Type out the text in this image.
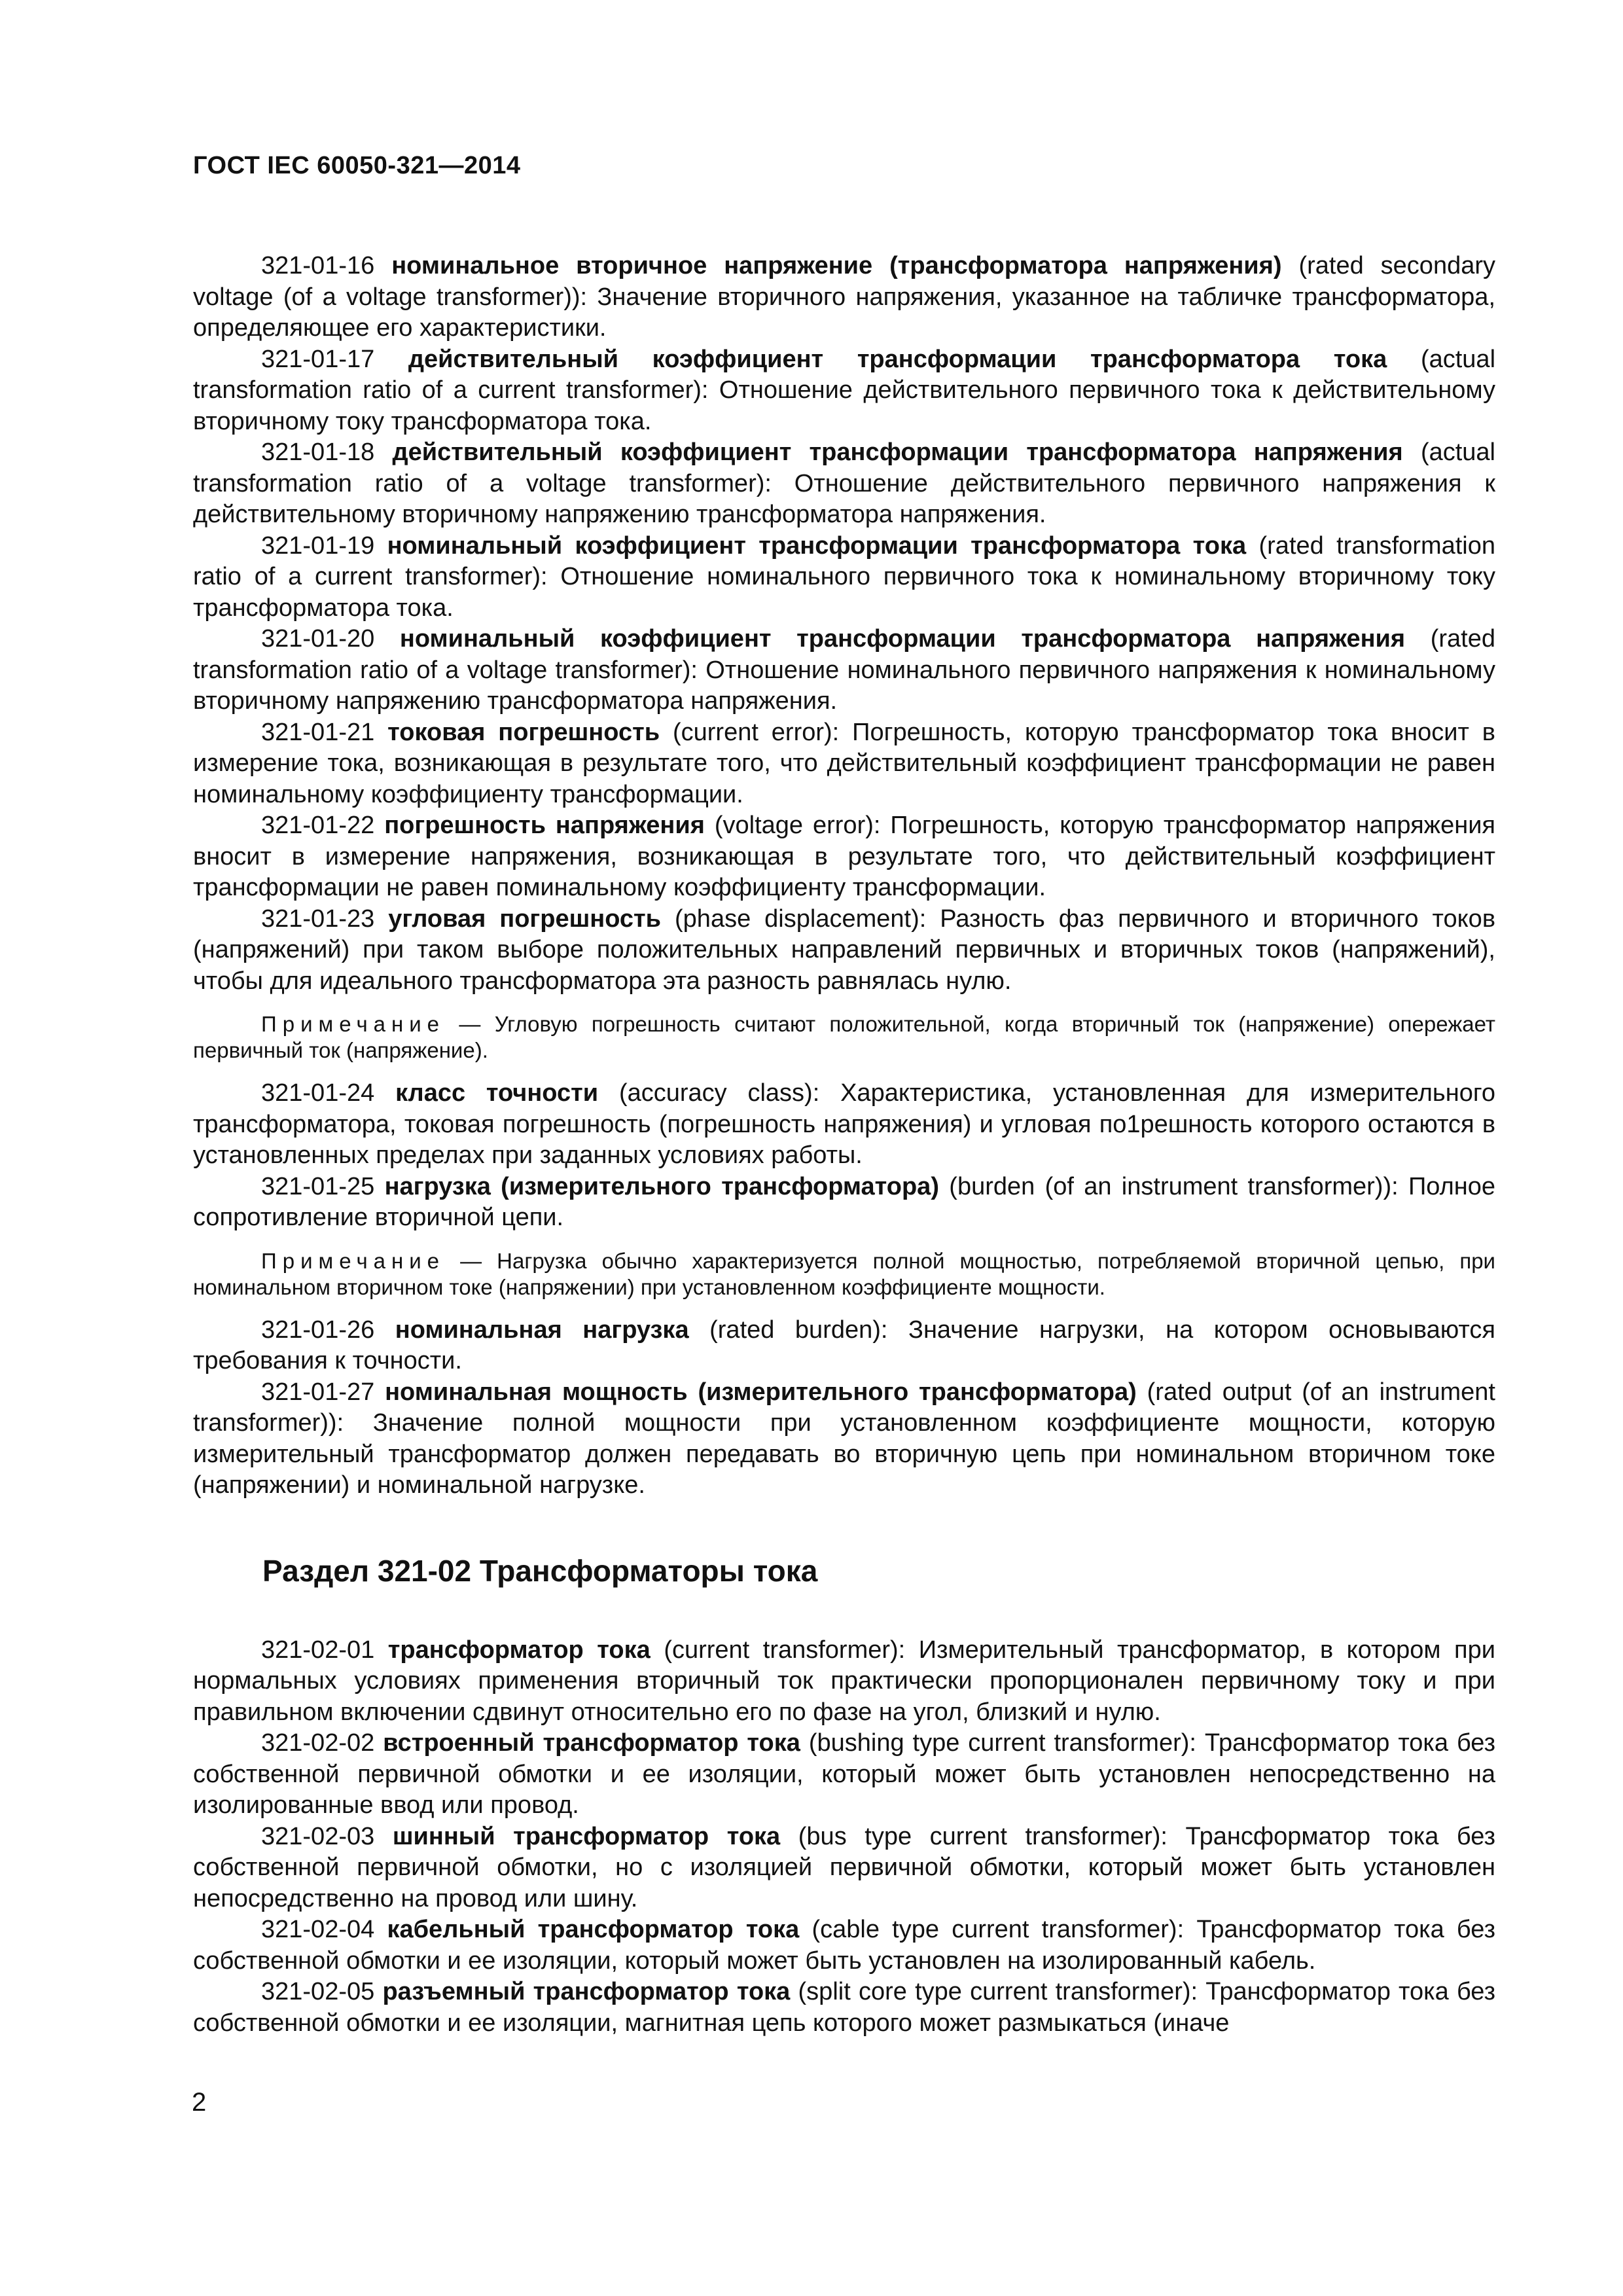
ГОСТ IEC 60050-321—2014

321-01-16 номинальное вторичное напряжение (трансформатора напряжения) (rated secondary voltage (of a voltage transformer)): Значение вторичного напряжения, указанное на табличке трансформатора, определяющее его характеристики.

321-01-17 действительный коэффициент трансформации трансформатора тока (actual transformation ratio of a current transformer): Отношение действительного первичного тока к действительному вторичному току трансформатора тока.

321-01-18 действительный коэффициент трансформации трансформатора напряжения (actual transformation ratio of a voltage transformer): Отношение действительного первичного напряжения к действительному вторичному напряжению трансформатора напряжения.

321-01-19 номинальный коэффициент трансформации трансформатора тока (rated transformation ratio of a current transformer): Отношение номинального первичного тока к номинальному вторичному току трансформатора тока.

321-01-20 номинальный коэффициент трансформации трансформатора напряжения (rated transformation ratio of a voltage transformer): Отношение номинального первичного напряжения к номинальному вторичному напряжению трансформатора напряжения.

321-01-21 токовая погрешность (current error): Погрешность, которую трансформатор тока вносит в измерение тока, возникающая в результате того, что действительный коэффициент трансформации не равен номинальному коэффициенту трансформации.

321-01-22 погрешность напряжения (voltage error): Погрешность, которую трансформатор напряжения вносит в измерение напряжения, возникающая в результате того, что действительный коэффициент трансформации не равен поминальному коэффициенту трансформации.

321-01-23 угловая погрешность (phase displacement): Разность фаз первичного и вторичного токов (напряжений) при таком выборе положительных направлений первичных и вторичных токов (напряжений), чтобы для идеального трансформатора эта разность равнялась нулю.

Примечание — Угловую погрешность считают положительной, когда вторичный ток (напряжение) опережает первичный ток (напряжение).

321-01-24 класс точности (accuracy class): Характеристика, установленная для измерительного трансформатора, токовая погрешность (погрешность напряжения) и угловая по1решность которого остаются в установленных пределах при заданных условиях работы.

321-01-25 нагрузка (измерительного трансформатора) (burden (of an instrument transformer)): Полное сопротивление вторичной цепи.

Примечание — Нагрузка обычно характеризуется полной мощностью, потребляемой вторичной цепью, при номинальном вторичном токе (напряжении) при установленном коэффициенте мощности.

321-01-26 номинальная нагрузка (rated burden): Значение нагрузки, на котором основываются требования к точности.

321-01-27 номинальная мощность (измерительного трансформатора) (rated output (of an instrument transformer)): Значение полной мощности при установленном коэффициенте мощности, которую измерительный трансформатор должен передавать во вторичную цепь при номинальном вторичном токе (напряжении) и номинальной нагрузке.

Раздел 321-02 Трансформаторы тока

321-02-01 трансформатор тока (current transformer): Измерительный трансформатор, в котором при нормальных условиях применения вторичный ток практически пропорционален первичному току и при правильном включении сдвинут относительно его по фазе на угол, близкий и нулю.

321-02-02 встроенный трансформатор тока (bushing type current transformer): Трансформатор тока без собственной первичной обмотки и ее изоляции, который может быть установлен непосредственно на изолированные ввод или провод.

321-02-03 шинный трансформатор тока (bus type current transformer): Трансформатор тока без собственной первичной обмотки, но с изоляцией первичной обмотки, который может быть установлен непосредственно на провод или шину.

321-02-04 кабельный трансформатор тока (cable type current transformer): Трансформатор тока без собственной обмотки и ее изоляции, который может быть установлен на изолированный кабель.

321-02-05 разъемный трансформатор тока (split core type current transformer): Трансформатор тока без собственной обмотки и ее изоляции, магнитная цепь которого может размыкаться (иначе

2
